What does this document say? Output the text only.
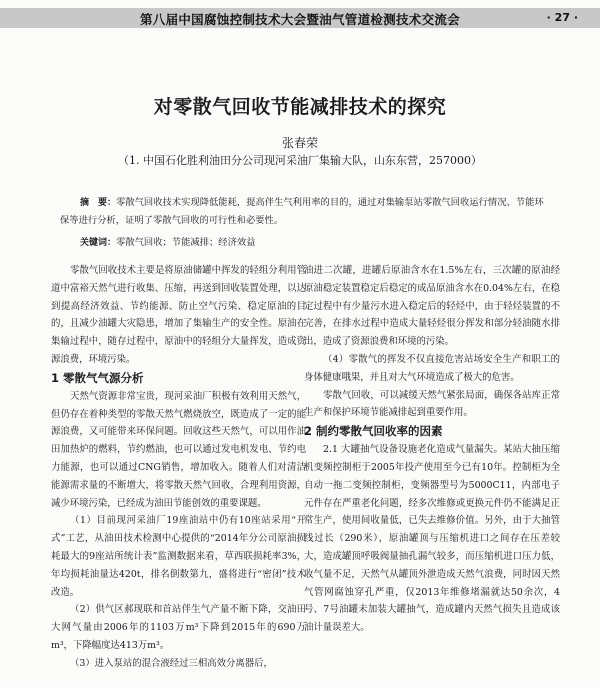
第八届中国腐蚀控制技术大会暨油气管道检测技术交流会	· 27 ·
对零散气回收节能减排技术的探究
张春荣
（1. 中国石化胜利油田分公司现河采油厂集输大队，山东东营，257000）
摘　要：零散气回收技术实现降低能耗，提高伴生气利用率的目的，通过对集输泵站零散气回收运行情况、节能环保等进行分析，证明了零散气回收的可行性和必要性。
关键词：零散气回收；节能减排；经济效益

零散气回收技术主要是将原油储罐中挥发的轻组分利用管道中富裕天然气进行收集、压缩，再送到回收装置处理，以达到提高经济效益、节约能源、防止空气污染、稳定原油的目的，且减少油罐大灾隐患，增加了集输生产的安全性。原油在集输过程中，随存过程中，原油中的轻组分大量挥发，造成资源浪费，环境污染。

1 零散气气源分析

天然气资源非常宝贵，现河采油厂积极有效利用天然气，但仍存在着种类型的零散天然气燃烧放空，既造成了一定的能源浪费，又可能带来环保问题。回收这些天然气，可以用作油田加热炉的燃料，节约燃油，也可以通过发电机发电、节约电力能源，也可以通过CNG销售，增加收入。随着人们对清洁能源需求量的不断增大，将零散天然气回收，合理利用资源，减少环境污染，已经成为油田节能创效的重要课题。

（1）目前现河采油厂19座油站中仍有10座站采用“开式”工艺，从油田技术检测中心提供的“2014年分公司原油损耗最大的9座站所统计表”监测数据来看，草西联损耗率3%，年均损耗油量达420t，排名倒数第九，盛将进行“密闭”技术改造。

（2）供气区郝现联和首站伴生气产量不断下降，交油田大网气量由2006年的1103万m³下降到2015年的690万m³，下降幅度达413万m³。

（3）进入泵站的混合液经过三相高效分离器后，

油进二次罐，进罐后原油含水在1.5%左右，三次罐的原油经原油稳定装置稳定后稳定的成品原油含水在0.04%左右，在稳定过程中有少量污水进入稳定后的轻烃中，由于轻烃装置的不完善，在排水过程中造成大量轻烃很分挥发和部分轻油随水排出，造成了资源浪费和环境的污染。

（4）零散气的挥发不仅直接危害站场安全生产和职工的身体健康哦果，并且对大气环境造成了极大的危害。

零散气回收，可以减缓天然气紧张局面，确保各站库正常生产和保护环境节能减排起到重要作用。

2 制约零散气回收率的因素

2.1 大罐抽气设备设施老化造成气量漏失。某站大抽压缩机变频控制柜于2005年投产使用至今已有10年。控制柜为全自动一拖二变频控制柜，变频器型号为5000C11，内部电子元件存在严重老化问题，经多次维修或更换元件仍不能满足正常生产，使用间收量低，已失去维修价值。另外，由于大抽管线过长（290米），原油罐顶与压缩机进口之间存在压差较大，造成罐顶呼吸阀量抽孔漏气较多，而压缩机进口压力低，收气量不足，天然气从罐顶外泄造成天然气浪费，同时因天然气管网腐蚀穿孔严重，仅2013年维修堵漏就达50余次，4号、7号油罐未加装大罐抽气，造成罐内天然气损失且造成该油计量误差大。
